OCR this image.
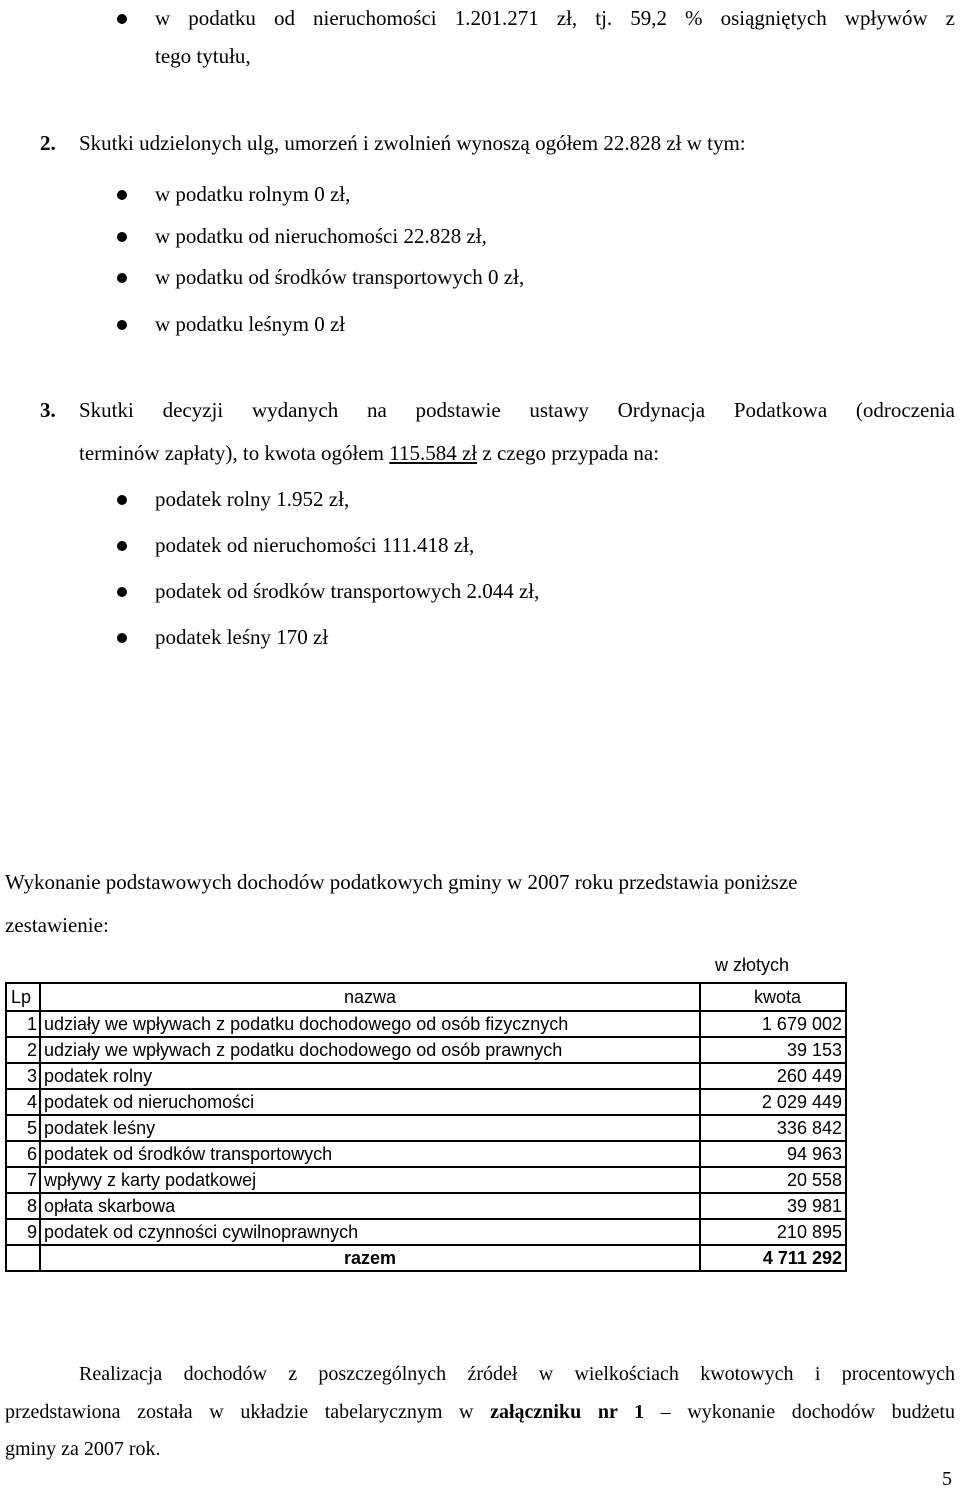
w podatku od nieruchomości 1.201.271 zł, tj. 59,2 % osiągniętych wpływów z
tego tytułu,
2. Skutki udzielonych ulg, umorzeń i zwolnień wynoszą ogółem 22.828 zł w tym:
w podatku rolnym 0 zł,
w podatku od nieruchomości 22.828 zł,
w podatku od środków transportowych 0 zł,
w podatku leśnym 0 zł
3. Skutki decyzji wydanych na podstawie ustawy Ordynacja Podatkowa (odroczenia
terminów zapłaty), to kwota ogółem 115.584 zł z czego przypada na:
podatek rolny 1.952 zł,
podatek od nieruchomości 111.418 zł,
podatek od środków transportowych 2.044 zł,
podatek leśny 170 zł
Wykonanie podstawowych dochodów podatkowych gminy w 2007 roku przedstawia poniższe
zestawienie:
w złotych
Lp	nazwa	kwota
1	udziały we wpływach z podatku dochodowego od osób fizycznych	1 679 002
2	udziały we wpływach z podatku dochodowego od osób prawnych	39 153
3	podatek rolny	260 449
4	podatek od nieruchomości	2 029 449
5	podatek leśny	336 842
6	podatek od środków transportowych	94 963
7	wpływy z karty podatkowej	20 558
8	opłata skarbowa	39 981
9	podatek od czynności cywilnoprawnych	210 895
	razem	4 711 292
Realizacja dochodów z poszczególnych źródeł w wielkościach kwotowych i procentowych
przedstawiona została w układzie tabelarycznym w załączniku nr 1 – wykonanie dochodów budżetu
gminy za 2007 rok.
5
